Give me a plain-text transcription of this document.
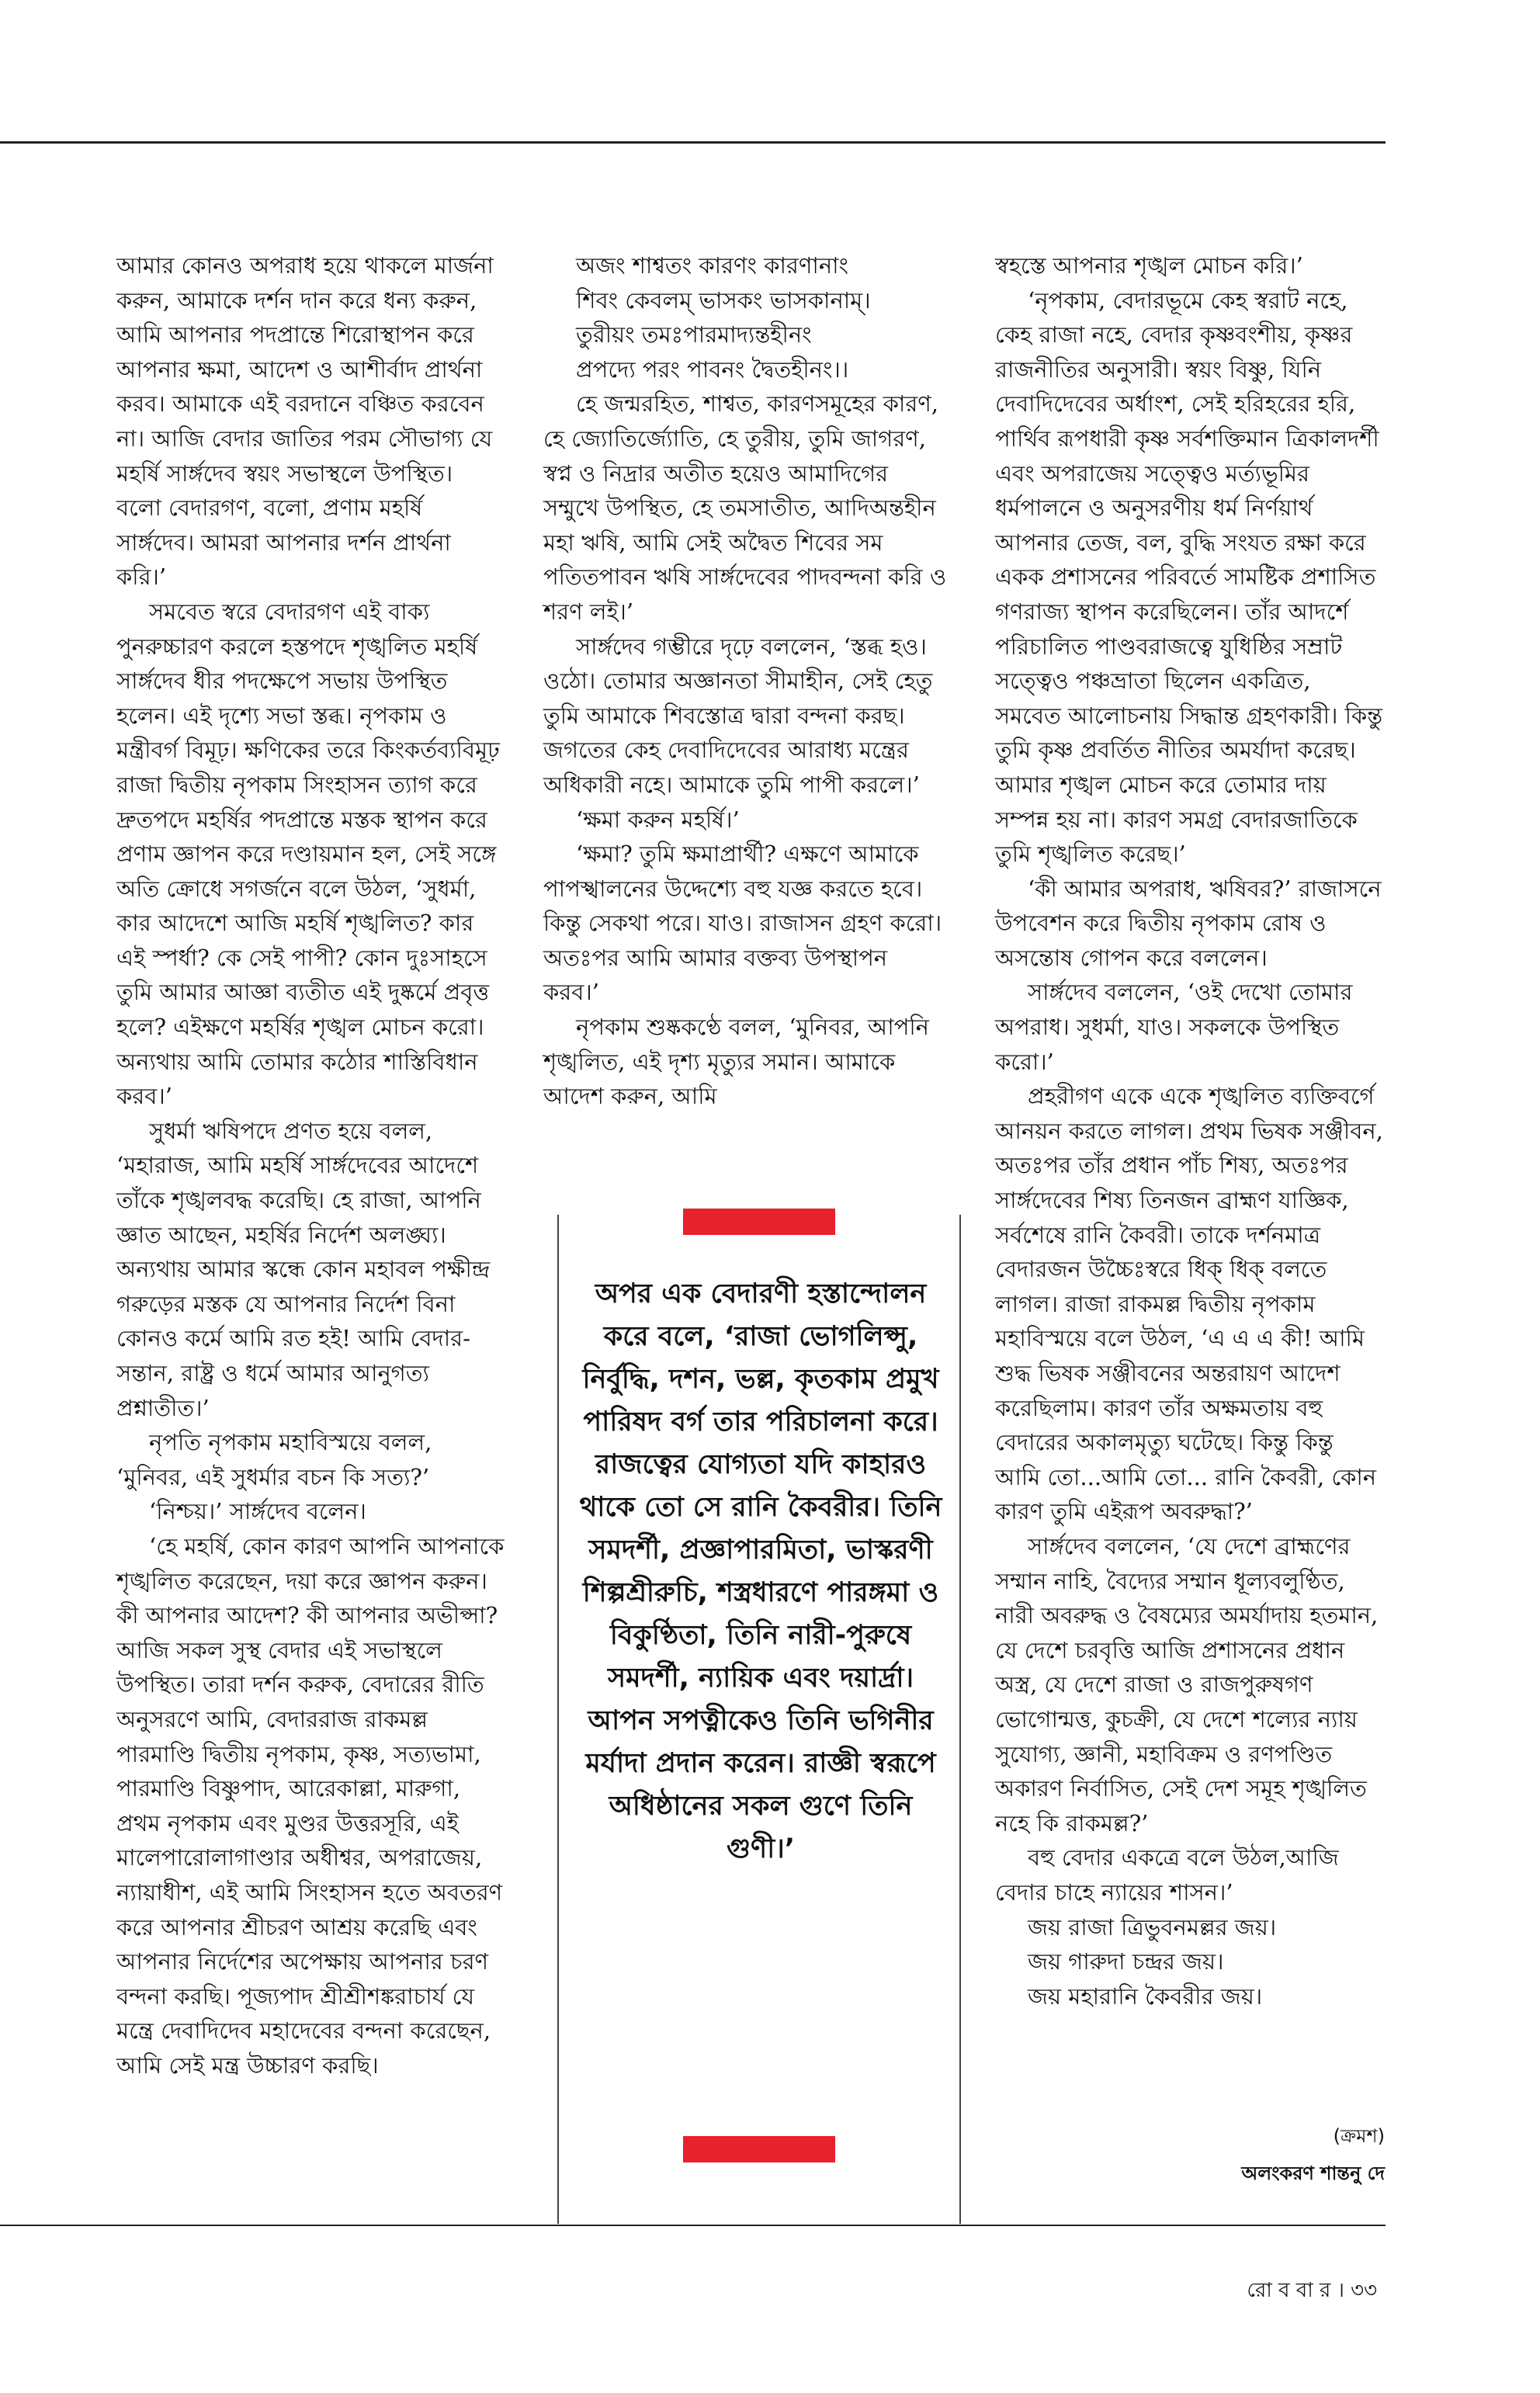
আমার কোনও অপরাধ হয়ে থাকলে মার্জনা করুন, আমাকে দর্শন দান করে ধন্য করুন, আমি আপনার পদপ্রান্তে শিরোস্থাপন করে আপনার ক্ষমা, আদেশ ও আশীর্বাদ প্রার্থনা করব। আমাকে এই বরদানে বঞ্চিত করবেন না। আজি বেদার জাতির পরম সৌভাগ্য যে মহর্ষি সার্ঙ্গদেব স্বয়ং সভাস্থলে উপস্থিত। বলো বেদারগণ, বলো, প্রণাম মহর্ষি সার্ঙ্গদেব। আমরা আপনার দর্শন প্রার্থনা করি।’

সমবেত স্বরে বেদারগণ এই বাক্য পুনরুচ্চারণ করলে হস্তপদে শৃঙ্খলিত মহর্ষি সার্ঙ্গদেব ধীর পদক্ষেপে সভায় উপস্থিত হলেন। এই দৃশ্যে সভা স্তব্ধ। নৃপকাম ও মন্ত্রীবর্গ বিমূঢ়। ক্ষণিকের তরে কিংকর্তব্যবিমূঢ় রাজা দ্বিতীয় নৃপকাম সিংহাসন ত্যাগ করে দ্রুতপদে মহর্ষির পদপ্রান্তে মস্তক স্থাপন করে প্রণাম জ্ঞাপন করে দণ্ডায়মান হল, সেই সঙ্গে অতি ক্রোধে সগর্জনে বলে উঠল, ‘সুধর্মা, কার আদেশে আজি মহর্ষি শৃঙ্খলিত? কার এই স্পর্ধা? কে সেই পাপী? কোন দুঃসাহসে তুমি আমার আজ্ঞা ব্যতীত এই দুষ্কর্মে প্রবৃত্ত হলে? এইক্ষণে মহর্ষির শৃঙ্খল মোচন করো। অন্যথায় আমি তোমার কঠোর শাস্তিবিধান করব।’

সুধর্মা ঋষিপদে প্রণত হয়ে বলল, ‘মহারাজ, আমি মহর্ষি সার্ঙ্গদেবের আদেশে তাঁকে শৃঙ্খলবদ্ধ করেছি। হে রাজা, আপনি জ্ঞাত আছেন, মহর্ষির নির্দেশ অলঙ্ঘ্য। অন্যথায় আমার স্কন্ধে কোন মহাবল পক্ষীন্দ্র গরুড়ের মস্তক যে আপনার নির্দেশ বিনা কোনও কর্মে আমি রত হই! আমি বেদার-সন্তান, রাষ্ট্র ও ধর্মে আমার আনুগত্য প্রশ্নাতীত।’

নৃপতি নৃপকাম মহাবিস্ময়ে বলল, ‘মুনিবর, এই সুধর্মার বচন কি সত্য?’

‘নিশ্চয়।’ সার্ঙ্গদেব বলেন।

‘হে মহর্ষি, কোন কারণ আপনি আপনাকে শৃঙ্খলিত করেছেন, দয়া করে জ্ঞাপন করুন। কী আপনার আদেশ? কী আপনার অভীপ্সা? আজি সকল সুস্থ বেদার এই সভাস্থলে উপস্থিত। তারা দর্শন করুক, বেদারের রীতি অনুসরণে আমি, বেদাররাজ রাকমল্ল পারমাণ্ডি দ্বিতীয় নৃপকাম, কৃষ্ণ, সত্যভামা, পারমাণ্ডি বিষ্ণুপাদ, আরেকাল্লা, মারুগা, প্রথম নৃপকাম এবং মুণ্ডর উত্তরসূরি, এই মালেপারোলাগাণ্ডার অধীশ্বর, অপরাজেয়, ন্যায়াধীশ, এই আমি সিংহাসন হতে অবতরণ করে আপনার শ্রীচরণ আশ্রয় করেছি এবং আপনার নির্দেশের অপেক্ষায় আপনার চরণ বন্দনা করছি। পূজ্যপাদ শ্রীশ্রীশঙ্করাচার্য যে মন্ত্রে দেবাদিদেব মহাদেবের বন্দনা করেছেন, আমি সেই মন্ত্র উচ্চারণ করছি।

অজং শাশ্বতং কারণং কারণানাং

শিবং কেবলম্ ভাসকং ভাসকানাম্।

তুরীয়ং তমঃপারমাদ্যন্তহীনং

প্রপদ্যে পরং পাবনং দ্বৈতহীনং।।

হে জন্মরহিত, শাশ্বত, কারণসমূহের কারণ, হে জ্যোতির্জ্যোতি, হে তুরীয়, তুমি জাগরণ, স্বপ্ন ও নিদ্রার অতীত হয়েও আমাদিগের সম্মুখে উপস্থিত, হে তমসাতীত, আদিঅন্তহীন মহা ঋষি, আমি সেই অদ্বৈত শিবের সম পতিতপাবন ঋষি সার্ঙ্গদেবের পাদবন্দনা করি ও শরণ লই।’

সার্ঙ্গদেব গম্ভীরে দৃঢ়ে বললেন, ‘স্তব্ধ হও। ওঠো। তোমার অজ্ঞানতা সীমাহীন, সেই হেতু তুমি আমাকে শিবস্তোত্র দ্বারা বন্দনা করছ। জগতের কেহ দেবাদিদেবের আরাধ্য মন্ত্রের অধিকারী নহে। আমাকে তুমি পাপী করলে।’

‘ক্ষমা করুন মহর্ষি।’

‘ক্ষমা? তুমি ক্ষমাপ্রার্থী? এক্ষণে আমাকে পাপস্খালনের উদ্দেশ্যে বহু যজ্ঞ করতে হবে। কিন্তু সেকথা পরে। যাও। রাজাসন গ্রহণ করো। অতঃপর আমি আমার বক্তব্য উপস্থাপন করব।’

নৃপকাম শুষ্ককণ্ঠে বলল, ‘মুনিবর, আপনি শৃঙ্খলিত, এই দৃশ্য মৃত্যুর সমান। আমাকে আদেশ করুন, আমি

অপর এক বেদারণী হস্তান্দোলন করে বলে, ‘রাজা ভোগলিপ্সু, নির্বুদ্ধি, দশন, ভল্ল, কৃতকাম প্রমুখ পারিষদ বর্গ তার পরিচালনা করে। রাজত্বের যোগ্যতা যদি কাহারও থাকে তো সে রানি কৈবরীর। তিনি সমদর্শী, প্রজ্ঞাপারমিতা, ভাস্করণী শিল্পশ্রীরুচি, শস্ত্রধারণে পারঙ্গমা ও বিকুণ্ঠিতা, তিনি নারী-পুরুষে সমদর্শী, ন্যায়িক এবং দয়ার্দ্রা। আপন সপত্নীকেও তিনি ভগিনীর মর্যাদা প্রদান করেন। রাজ্ঞী স্বরূপে অধিষ্ঠানের সকল গুণে তিনি গুণী।’

স্বহস্তে আপনার শৃঙ্খল মোচন করি।’

‘নৃপকাম, বেদারভূমে কেহ স্বরাট নহে, কেহ রাজা নহে, বেদার কৃষ্ণবংশীয়, কৃষ্ণর রাজনীতির অনুসারী। স্বয়ং বিষ্ণু, যিনি দেবাদিদেবের অর্ধাংশ, সেই হরিহরের হরি, পার্থিব রূপধারী কৃষ্ণ সর্বশক্তিমান ত্রিকালদর্শী এবং অপরাজেয় সত্ত্বেও মর্ত্যভূমির ধর্মপালনে ও অনুসরণীয় ধর্ম নির্ণয়ার্থ আপনার তেজ, বল, বুদ্ধি সংযত রক্ষা করে একক প্রশাসনের পরিবর্তে সামষ্টিক প্রশাসিত গণরাজ্য স্থাপন করেছিলেন। তাঁর আদর্শে পরিচালিত পাণ্ডবরাজত্বে যুধিষ্ঠির সম্রাট সত্ত্বেও পঞ্চভ্রাতা ছিলেন একত্রিত, সমবেত আলোচনায় সিদ্ধান্ত গ্রহণকারী। কিন্তু তুমি কৃষ্ণ প্রবর্তিত নীতির অমর্যাদা করেছ। আমার শৃঙ্খল মোচন করে তোমার দায় সম্পন্ন হয় না। কারণ সমগ্র বেদারজাতিকে তুমি শৃঙ্খলিত করেছ।’

‘কী আমার অপরাধ, ঋষিবর?’ রাজাসনে উপবেশন করে দ্বিতীয় নৃপকাম রোষ ও অসন্তোষ গোপন করে বললেন।

সার্ঙ্গদেব বললেন, ‘ওই দেখো তোমার অপরাধ। সুধর্মা, যাও। সকলকে উপস্থিত করো।’

প্রহরীগণ একে একে শৃঙ্খলিত ব্যক্তিবর্গে আনয়ন করতে লাগল। প্রথম ভিষক সঞ্জীবন, অতঃপর তাঁর প্রধান পাঁচ শিষ্য, অতঃপর সার্ঙ্গদেবের শিষ্য তিনজন ব্রাহ্মণ যাজ্ঞিক, সর্বশেষে রানি কৈবরী। তাকে দর্শনমাত্র বেদারজন উচ্চৈঃস্বরে ধিক্‌ ধিক্‌ বলতে লাগল। রাজা রাকমল্ল দ্বিতীয় নৃপকাম মহাবিস্ময়ে বলে উঠল, ‘এ এ এ কী! আমি শুদ্ধ ভিষক সঞ্জীবনের অন্তরায়ণ আদেশ করেছিলাম। কারণ তাঁর অক্ষমতায় বহু বেদারের অকালমৃত্যু ঘটেছে। কিন্তু কিন্তু আমি তো...আমি তো... রানি কৈবরী, কোন কারণ তুমি এইরূপ অবরুদ্ধা?’

সার্ঙ্গদেব বললেন, ‘যে দেশে ব্রাহ্মণের সম্মান নাহি, বৈদ্যের সম্মান ধূল্যবলুণ্ঠিত, নারী অবরুদ্ধ ও বৈষম্যের অমর্যাদায় হতমান, যে দেশে চরবৃত্তি আজি প্রশাসনের প্রধান অস্ত্র, যে দেশে রাজা ও রাজপুরুষগণ ভোগোন্মত্ত, কুচক্রী, যে দেশে শল্যের ন্যায় সুযোগ্য, জ্ঞানী, মহাবিক্রম ও রণপণ্ডিত অকারণ নির্বাসিত, সেই দেশ সমূহ শৃঙ্খলিত নহে কি রাকমল্ল?’

বহু বেদার একত্রে বলে উঠল,আজি বেদার চাহে ন্যায়ের শাসন।’

জয় রাজা ত্রিভুবনমল্লর জয়।

জয় গারুদা চন্দ্রর জয়।

জয় মহারানি কৈবরীর জয়।

(ক্রমশ)
অলংকরণ শান্তনু দে
রো ব বা র । ৩৩
